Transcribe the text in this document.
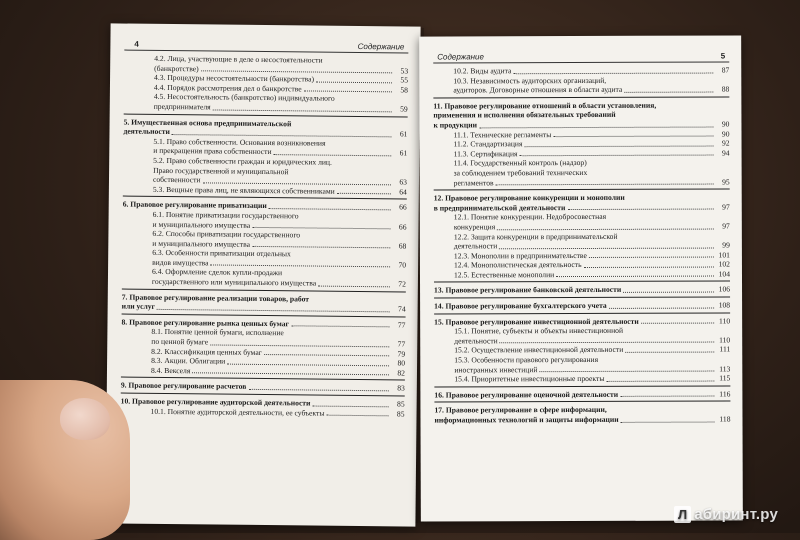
4	Содержание
4.2. Лица, участвующие в деле о несостоятельности
(банкротстве)	53
4.3. Процедуры несостоятельности (банкротства)	55
4.4. Порядок рассмотрения дел о банкротстве	58
4.5. Несостоятельность (банкротство) индивидуального
предпринимателя	59
5. Имущественная основа предпринимательской
деятельности	61
5.1. Право собственности. Основания возникновения
и прекращения права собственности	61
5.2. Право собственности граждан и юридических лиц.
Право государственной и муниципальной
собственности	63
5.3. Вещные права лиц, не являющихся собственниками	64
6. Правовое регулирование приватизации	66
6.1. Понятие приватизации государственного
и муниципального имущества	66
6.2. Способы приватизации государственного
и муниципального имущества	68
6.3. Особенности приватизации отдельных
видов имущества	70
6.4. Оформление сделок купли-продажи
государственного или муниципального имущества	72
7. Правовое регулирование реализации товаров, работ
или услуг	74
8. Правовое регулирование рынка ценных бумаг	77
8.1. Понятие ценной бумаги, исполнение
по ценной бумаге	77
8.2. Классификация ценных бумаг	79
8.3. Акции. Облигации	80
8.4. Векселя	82
9. Правовое регулирование расчетов	83
10. Правовое регулирование аудиторской деятельности	85
10.1. Понятие аудиторской деятельности, ее субъекты	85
Содержание	5
10.2. Виды аудита	87
10.3. Независимость аудиторских организаций,
аудиторов. Договорные отношения в области аудита	88
11. Правовое регулирование отношений в области установления,
применения и исполнения обязательных требований
к продукции	90
11.1. Технические регламенты	90
11.2. Стандартизация	92
11.3. Сертификация	94
11.4. Государственный контроль (надзор)
за соблюдением требований технических
регламентов	95
12. Правовое регулирование конкуренции и монополии
в предпринимательской деятельности	97
12.1. Понятие конкуренции. Недобросовестная
конкуренция	97
12.2. Защита конкуренции в предпринимательской
деятельности	99
12.3. Монополии в предпринимательстве	101
12.4. Монополистическая деятельность	102
12.5. Естественные монополии	104
13. Правовое регулирование банковской деятельности	106
14. Правовое регулирование бухгалтерского учета	108
15. Правовое регулирование инвестиционной деятельности	110
15.1. Понятие, субъекты и объекты инвестиционной
деятельности	110
15.2. Осуществление инвестиционной деятельности	111
15.3. Особенности правового регулирования
иностранных инвестиций	113
15.4. Приоритетные инвестиционные проекты	115
16. Правовое регулирование оценочной деятельности	116
17. Правовое регулирование в сфере информации,
информационных технологий и защиты информации	118
Л абиринт.ру
